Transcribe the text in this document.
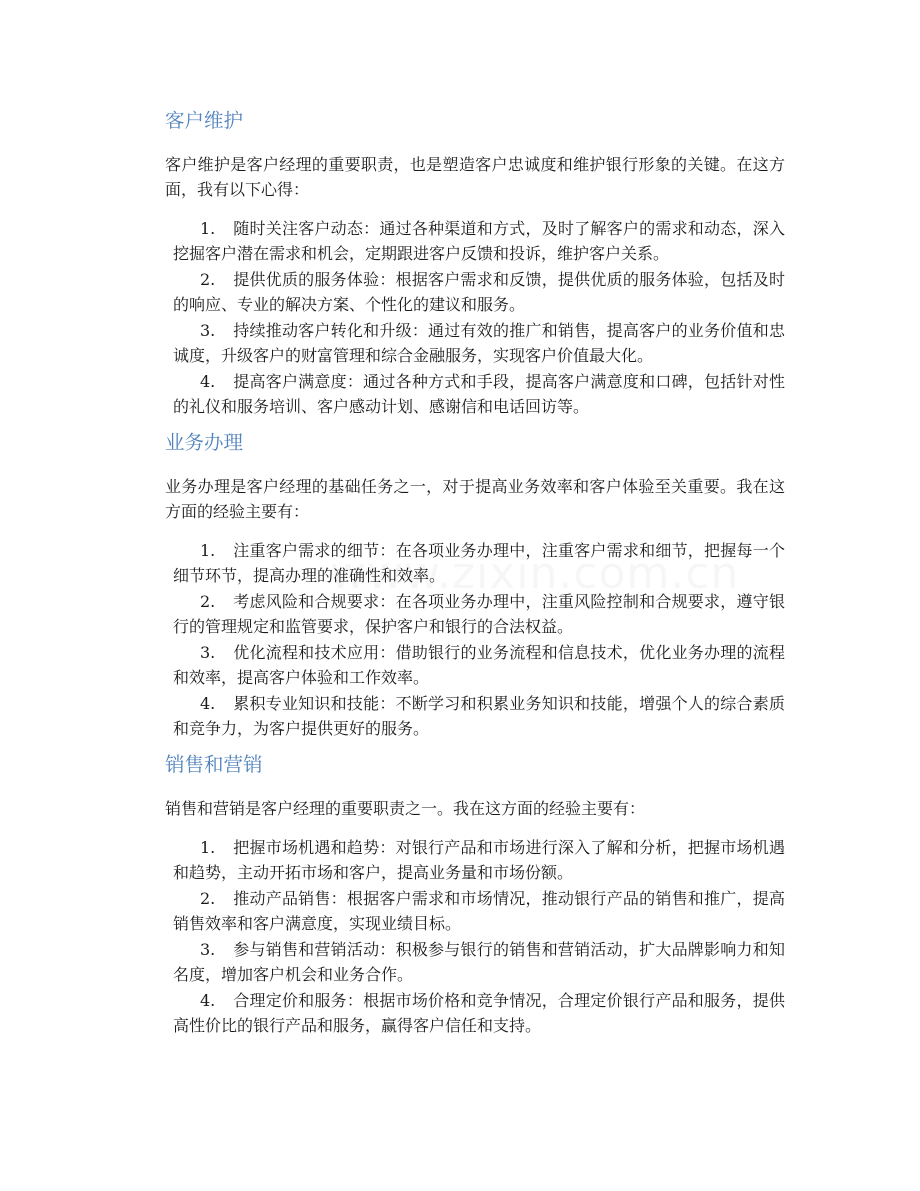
客户维护

客户维护是客户经理的重要职责，也是塑造客户忠诚度和维护银行形象的关键。在这方面，我有以下心得：

1. 随时关注客户动态：通过各种渠道和方式，及时了解客户的需求和动态，深入挖掘客户潜在需求和机会，定期跟进客户反馈和投诉，维护客户关系。
2. 提供优质的服务体验：根据客户需求和反馈，提供优质的服务体验，包括及时的响应、专业的解决方案、个性化的建议和服务。
3. 持续推动客户转化和升级：通过有效的推广和销售，提高客户的业务价值和忠诚度，升级客户的财富管理和综合金融服务，实现客户价值最大化。
4. 提高客户满意度：通过各种方式和手段，提高客户满意度和口碑，包括针对性的礼仪和服务培训、客户感动计划、感谢信和电话回访等。
业务办理

业务办理是客户经理的基础任务之一，对于提高业务效率和客户体验至关重要。我在这方面的经验主要有：

1. 注重客户需求的细节：在各项业务办理中，注重客户需求和细节，把握每一个细节环节，提高办理的准确性和效率。
2. 考虑风险和合规要求：在各项业务办理中，注重风险控制和合规要求，遵守银行的管理规定和监管要求，保护客户和银行的合法权益。
3. 优化流程和技术应用：借助银行的业务流程和信息技术，优化业务办理的流程和效率，提高客户体验和工作效率。
4. 累积专业知识和技能：不断学习和积累业务知识和技能，增强个人的综合素质和竞争力，为客户提供更好的服务。
销售和营销

销售和营销是客户经理的重要职责之一。我在这方面的经验主要有：

1. 把握市场机遇和趋势：对银行产品和市场进行深入了解和分析，把握市场机遇和趋势，主动开拓市场和客户，提高业务量和市场份额。
2. 推动产品销售：根据客户需求和市场情况，推动银行产品的销售和推广，提高销售效率和客户满意度，实现业绩目标。
3. 参与销售和营销活动：积极参与银行的销售和营销活动，扩大品牌影响力和知名度，增加客户机会和业务合作。
4. 合理定价和服务：根据市场价格和竞争情况，合理定价银行产品和服务，提供高性价比的银行产品和服务，赢得客户信任和支持。
